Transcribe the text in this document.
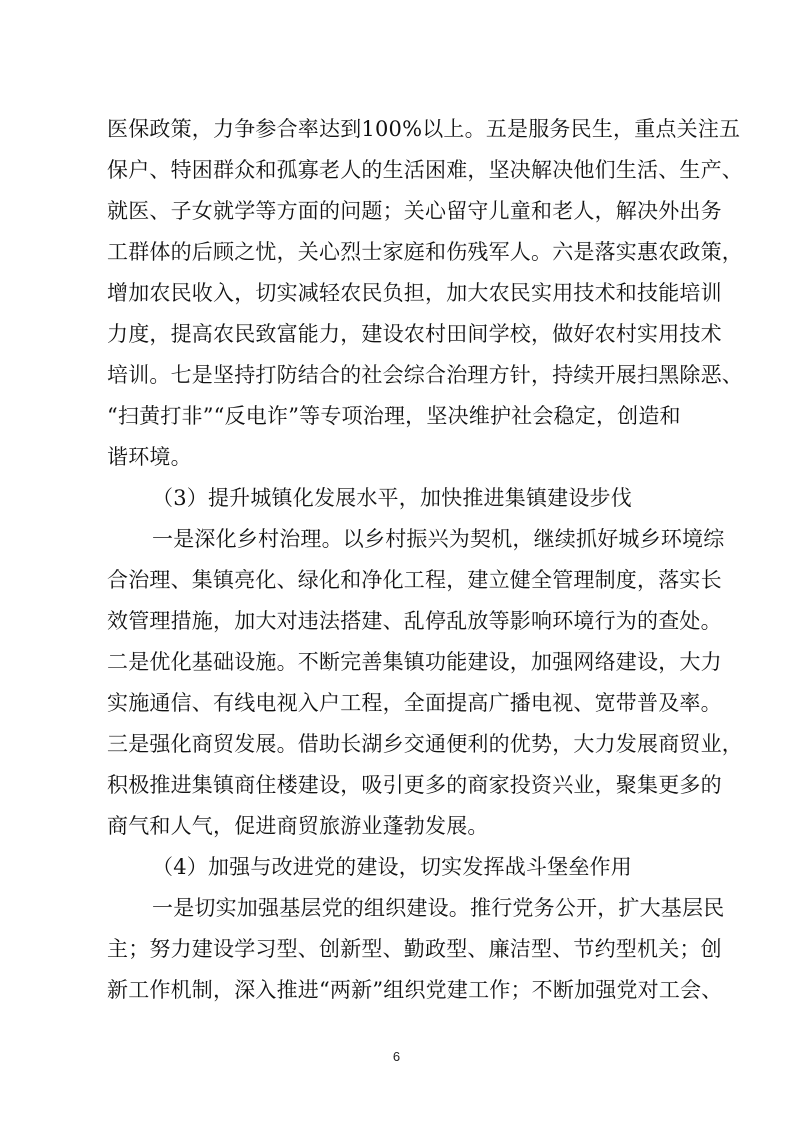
医保政策，力争参合率达到100%以上。五是服务民生，重点关注五
保户、特困群众和孤寡老人的生活困难，坚决解决他们生活、生产、
就医、子女就学等方面的问题；关心留守儿童和老人，解决外出务
工群体的后顾之忧，关心烈士家庭和伤残军人。六是落实惠农政策，
增加农民收入，切实减轻农民负担，加大农民实用技术和技能培训
力度，提高农民致富能力，建设农村田间学校，做好农村实用技术
培训。七是坚持打防结合的社会综合治理方针，持续开展扫黑除恶、
“扫黄打非”“反电诈”等专项治理，坚决维护社会稳定，创造和
谐环境。
（3）提升城镇化发展水平，加快推进集镇建设步伐
一是深化乡村治理。以乡村振兴为契机，继续抓好城乡环境综
合治理、集镇亮化、绿化和净化工程，建立健全管理制度，落实长
效管理措施，加大对违法搭建、乱停乱放等影响环境行为的查处。
二是优化基础设施。不断完善集镇功能建设，加强网络建设，大力
实施通信、有线电视入户工程，全面提高广播电视、宽带普及率。
三是强化商贸发展。借助长湖乡交通便利的优势，大力发展商贸业，
积极推进集镇商住楼建设，吸引更多的商家投资兴业，聚集更多的
商气和人气，促进商贸旅游业蓬勃发展。
（4）加强与改进党的建设，切实发挥战斗堡垒作用
一是切实加强基层党的组织建设。推行党务公开，扩大基层民
主；努力建设学习型、创新型、勤政型、廉洁型、节约型机关；创
新工作机制，深入推进“两新”组织党建工作；不断加强党对工会、
6
